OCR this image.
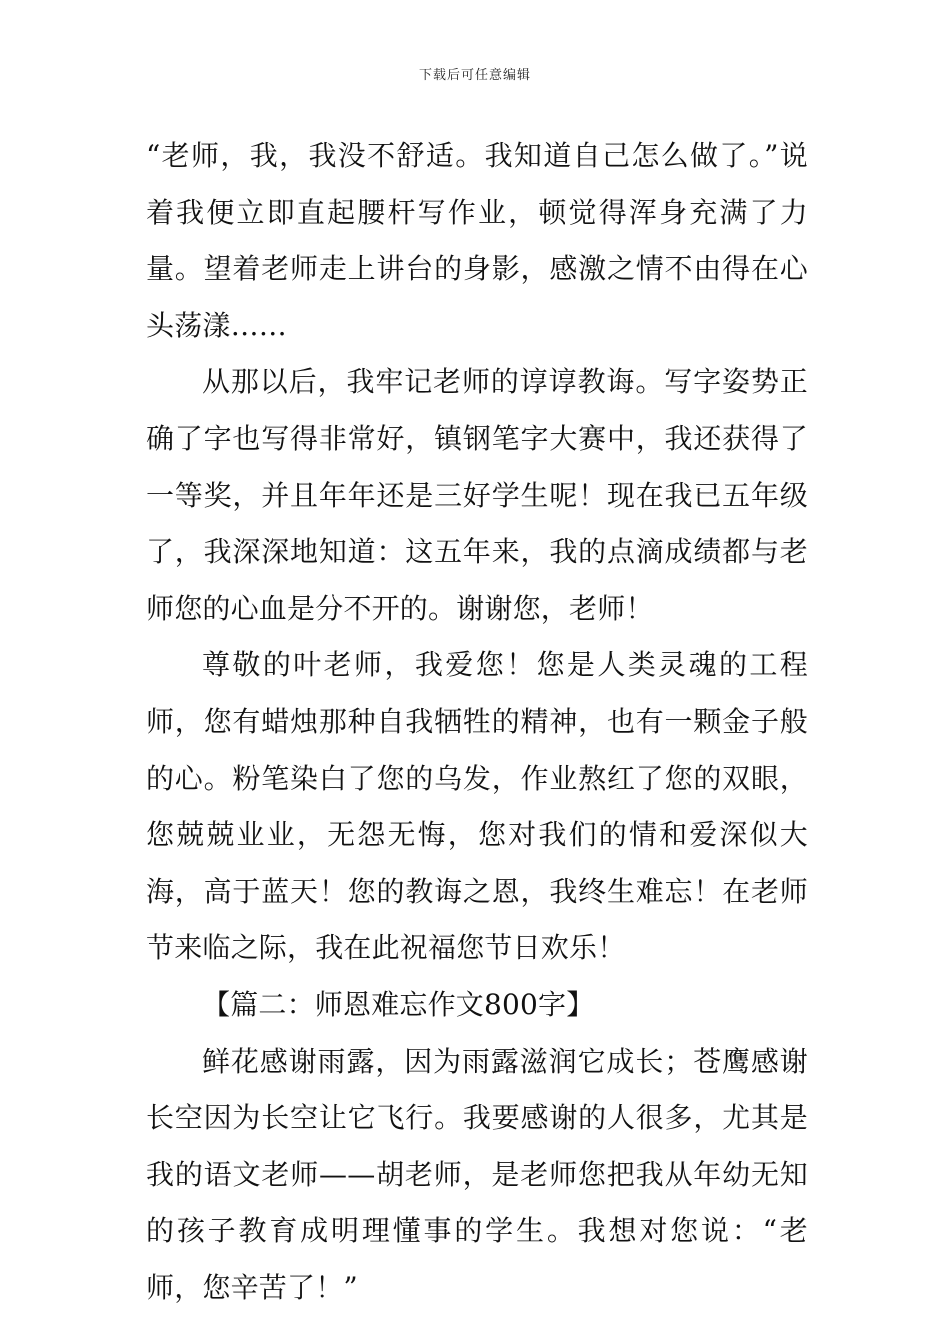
下载后可任意编辑

“老师，我，我没不舒适。我知道自己怎么做了。”说着我便立即直起腰杆写作业，顿觉得浑身充满了力量。望着老师走上讲台的身影，感激之情不由得在心头荡漾……

从那以后，我牢记老师的谆谆教诲。写字姿势正确了字也写得非常好，镇钢笔字大赛中，我还获得了一等奖，并且年年还是三好学生呢！现在我已五年级了，我深深地知道：这五年来，我的点滴成绩都与老师您的心血是分不开的。谢谢您，老师！

尊敬的叶老师，我爱您！您是人类灵魂的工程师，您有蜡烛那种自我牺牲的精神，也有一颗金子般的心。粉笔染白了您的乌发，作业熬红了您的双眼，您兢兢业业，无怨无悔，您对我们的情和爱深似大海，高于蓝天！您的教诲之恩，我终生难忘！在老师节来临之际，我在此祝福您节日欢乐！

【篇二：师恩难忘作文800字】

鲜花感谢雨露，因为雨露滋润它成长；苍鹰感谢长空因为长空让它飞行。我要感谢的人很多，尤其是我的语文老师——胡老师，是老师您把我从年幼无知的孩子教育成明理懂事的学生。我想对您说：“老师，您辛苦了！”
